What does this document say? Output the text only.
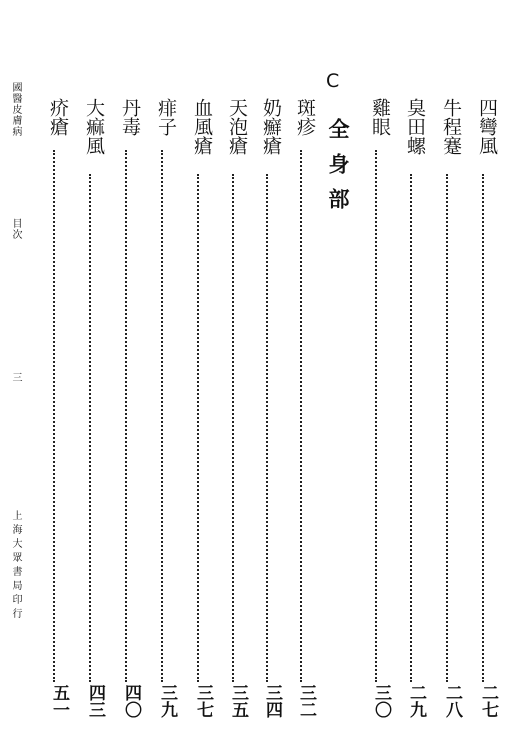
國醫皮膚病
目次
三
上海大眾書局印行
C
全身部	四彎風
二七
牛程蹇
二八
臭田螺
二九
雞眼
三〇
斑疹
三二
奶癬瘡
三四
天泡瘡
三五
血風瘡
三七
痱子
三九
丹毒
四〇
大痲風
四三
疥瘡
五一
